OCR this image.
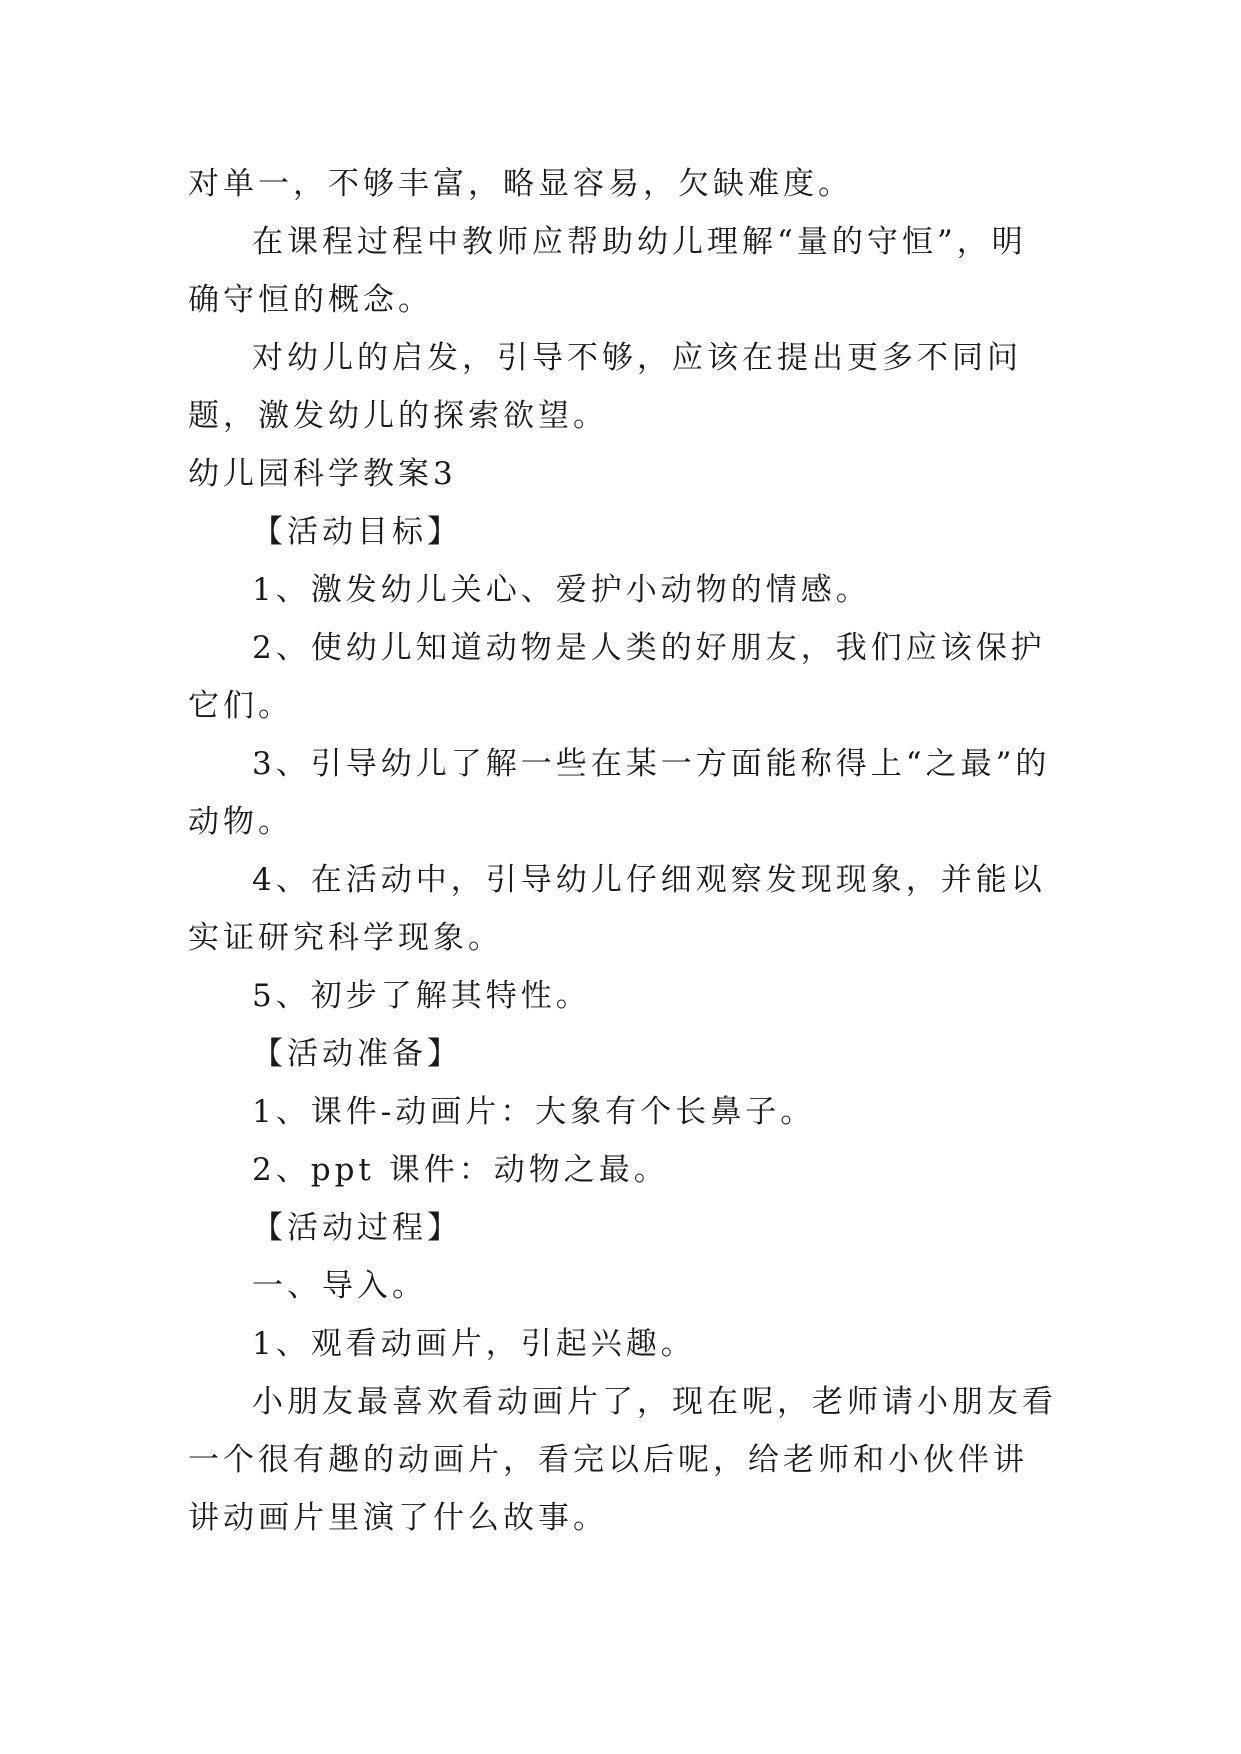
对单一，不够丰富，略显容易，欠缺难度。

在课程过程中教师应帮助幼儿理解“量的守恒”，明确守恒的概念。

对幼儿的启发，引导不够，应该在提出更多不同问题，激发幼儿的探索欲望。

幼儿园科学教案3

【活动目标】

1、激发幼儿关心、爱护小动物的情感。

2、使幼儿知道动物是人类的好朋友，我们应该保护它们。

3、引导幼儿了解一些在某一方面能称得上“之最”的动物。

4、在活动中，引导幼儿仔细观察发现现象，并能以实证研究科学现象。

5、初步了解其特性。

【活动准备】

1、课件-动画片：大象有个长鼻子。

2、ppt 课件：动物之最。

【活动过程】

一、导入。

1、观看动画片，引起兴趣。

小朋友最喜欢看动画片了，现在呢，老师请小朋友看一个很有趣的动画片，看完以后呢，给老师和小伙伴讲讲动画片里演了什么故事。
